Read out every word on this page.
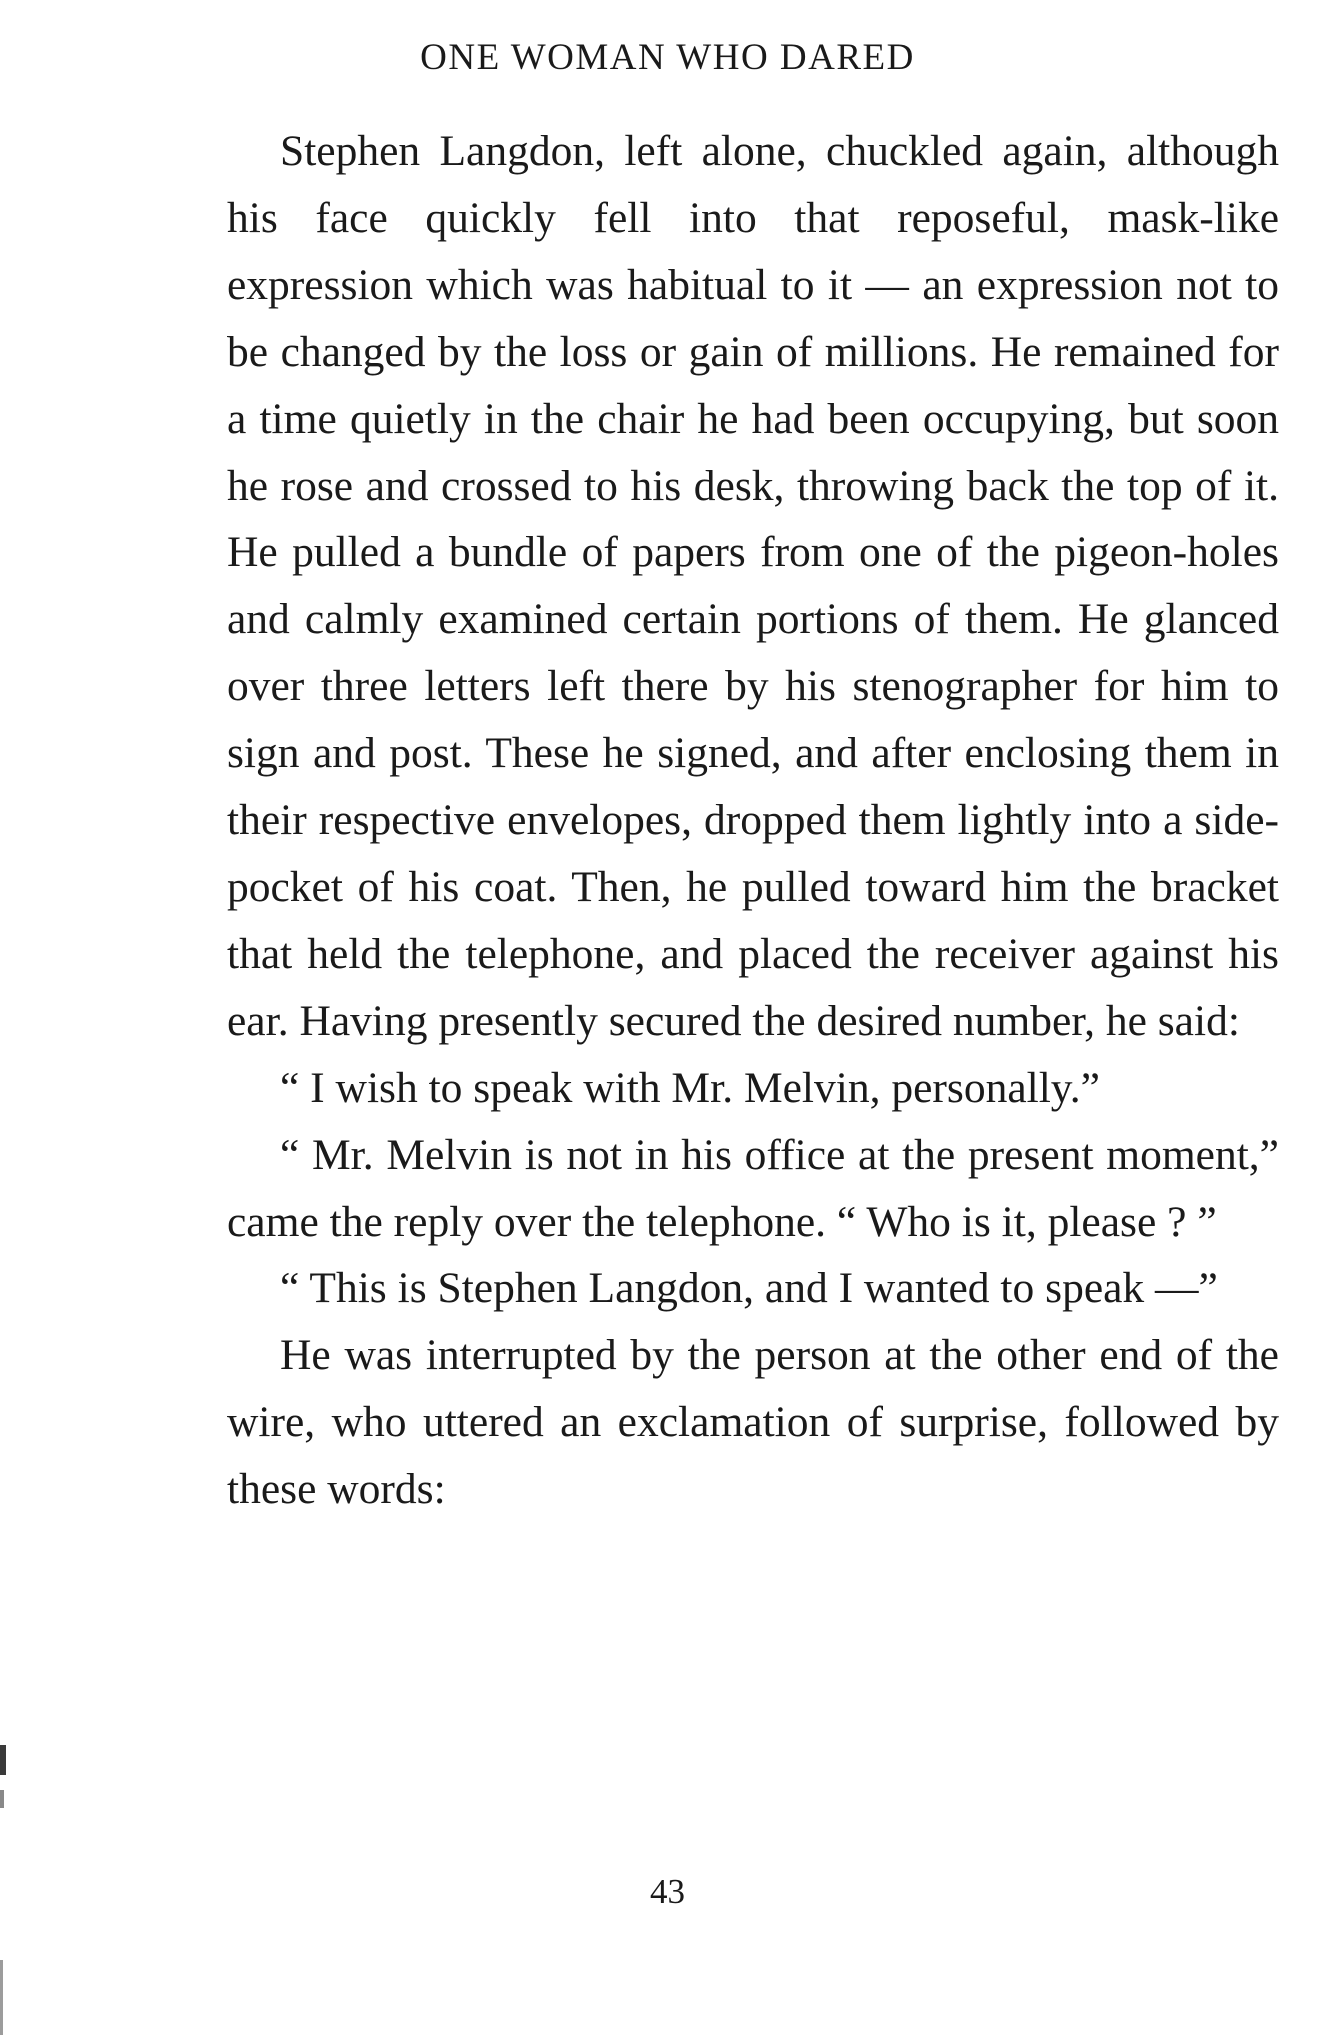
ONE WOMAN WHO DARED

Stephen Langdon, left alone, chuckled again, although his face quickly fell into that reposeful, mask-like expression which was habitual to it — an expression not to be changed by the loss or gain of millions. He remained for a time quietly in the chair he had been occupying, but soon he rose and crossed to his desk, throwing back the top of it. He pulled a bundle of papers from one of the pigeon-holes and calmly examined certain portions of them. He glanced over three letters left there by his stenographer for him to sign and post. These he signed, and after enclosing them in their respective envelopes, dropped them lightly into a side-pocket of his coat. Then, he pulled toward him the bracket that held the telephone, and placed the receiver against his ear. Having presently secured the desired number, he said:

“ I wish to speak with Mr. Melvin, personally.”

“ Mr. Melvin is not in his office at the present moment,” came the reply over the telephone. “ Who is it, please ? ”

“ This is Stephen Langdon, and I wanted to speak —”

He was interrupted by the person at the other end of the wire, who uttered an exclamation of surprise, followed by these words:

43
